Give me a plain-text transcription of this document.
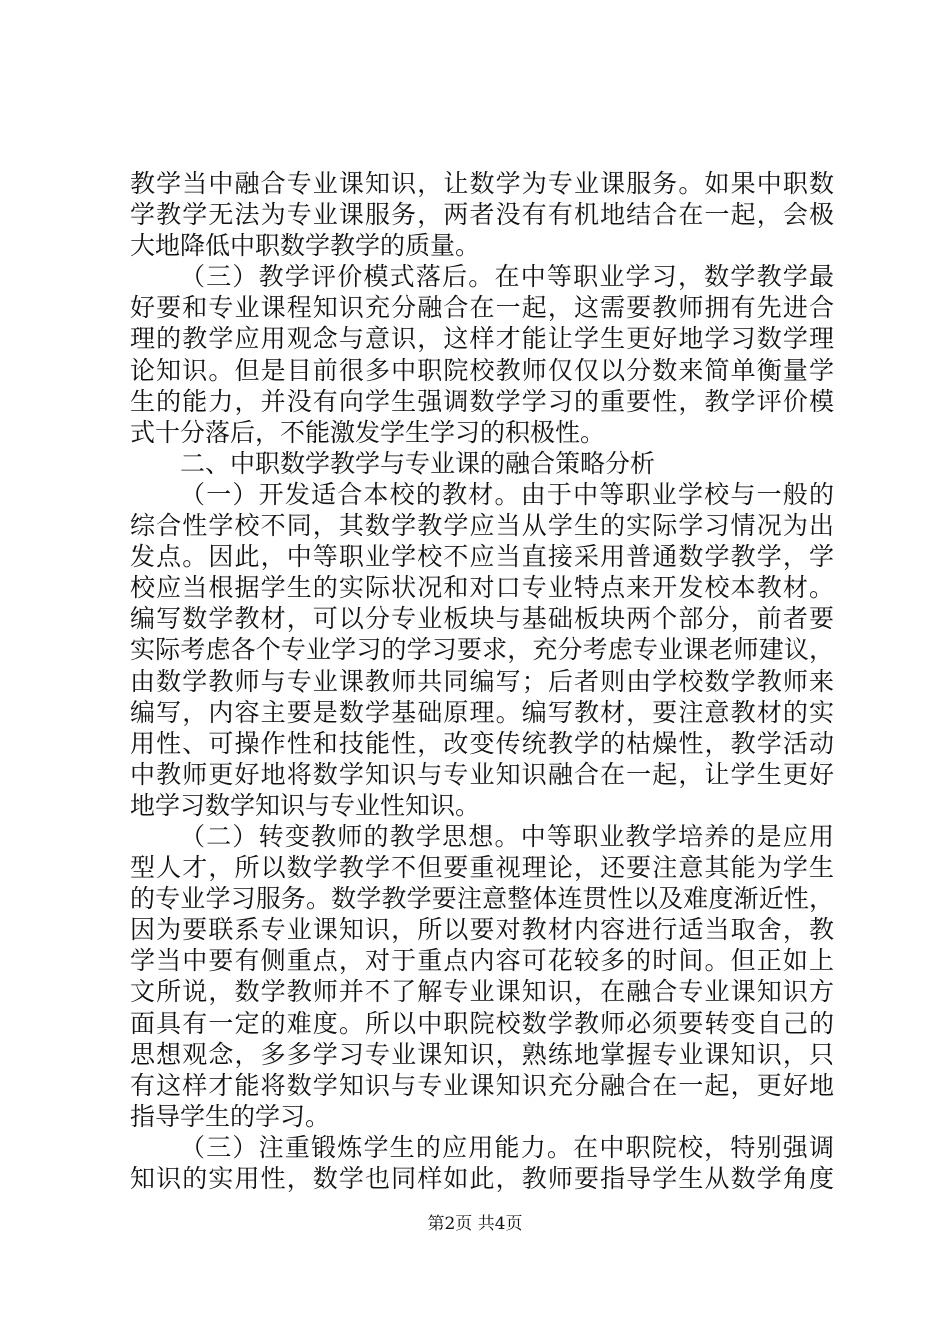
教学当中融合专业课知识，让数学为专业课服务。如果中职数
学教学无法为专业课服务，两者没有有机地结合在一起，会极
大地降低中职数学教学的质量。
（三）教学评价模式落后。在中等职业学习，数学教学最
好要和专业课程知识充分融合在一起，这需要教师拥有先进合
理的教学应用观念与意识，这样才能让学生更好地学习数学理
论知识。但是目前很多中职院校教师仅仅以分数来简单衡量学
生的能力，并没有向学生强调数学学习的重要性，教学评价模
式十分落后，不能激发学生学习的积极性。
二、中职数学教学与专业课的融合策略分析
（一）开发适合本校的教材。由于中等职业学校与一般的
综合性学校不同，其数学教学应当从学生的实际学习情况为出
发点。因此，中等职业学校不应当直接采用普通数学教学，学
校应当根据学生的实际状况和对口专业特点来开发校本教材。
编写数学教材，可以分专业板块与基础板块两个部分，前者要
实际考虑各个专业学习的学习要求，充分考虑专业课老师建议，
由数学教师与专业课教师共同编写；后者则由学校数学教师来
编写，内容主要是数学基础原理。编写教材，要注意教材的实
用性、可操作性和技能性，改变传统教学的枯燥性，教学活动
中教师更好地将数学知识与专业知识融合在一起，让学生更好
地学习数学知识与专业性知识。
（二）转变教师的教学思想。中等职业教学培养的是应用
型人才，所以数学教学不但要重视理论，还要注意其能为学生
的专业学习服务。数学教学要注意整体连贯性以及难度渐近性，
因为要联系专业课知识，所以要对教材内容进行适当取舍，教
学当中要有侧重点，对于重点内容可花较多的时间。但正如上
文所说，数学教师并不了解专业课知识，在融合专业课知识方
面具有一定的难度。所以中职院校数学教师必须要转变自己的
思想观念，多多学习专业课知识，熟练地掌握专业课知识，只
有这样才能将数学知识与专业课知识充分融合在一起，更好地
指导学生的学习。
（三）注重锻炼学生的应用能力。在中职院校，特别强调
知识的实用性，数学也同样如此，教师要指导学生从数学角度
第2页 共4页
